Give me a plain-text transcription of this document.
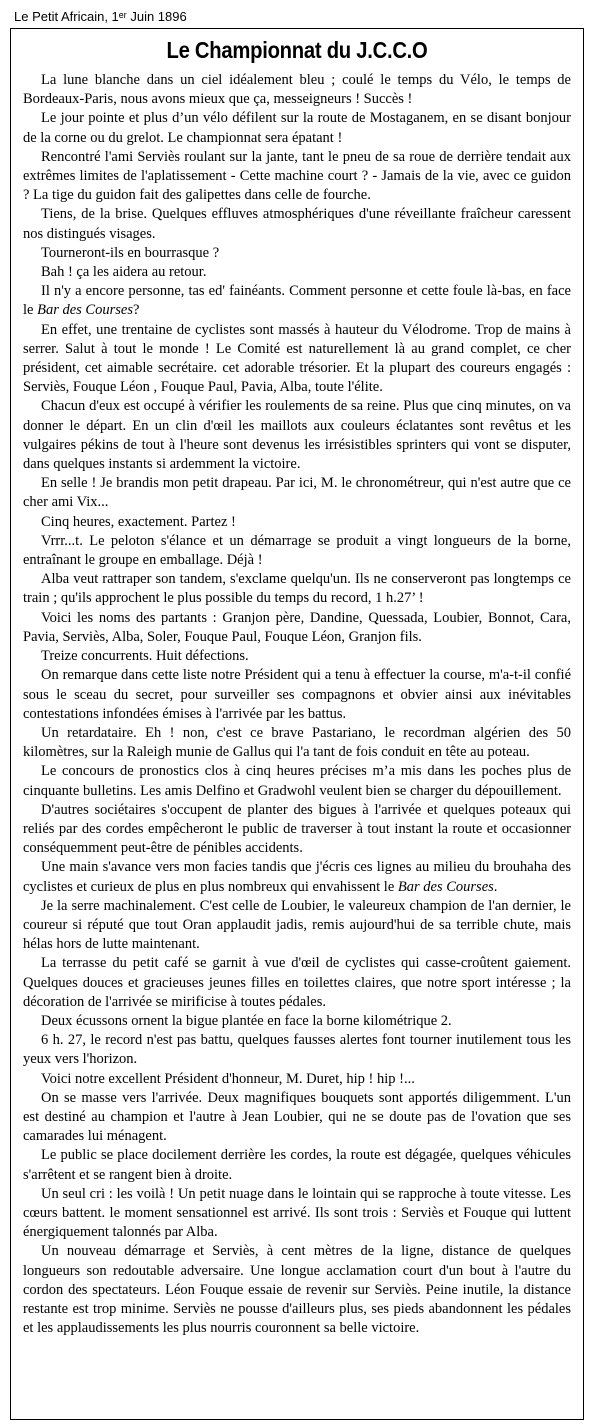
Le Petit Africain, 1ᵉʳ Juin 1896
Le Championnat du J.C.C.O

La lune blanche dans un ciel idéalement bleu ; coulé le temps du Vélo, le temps de Bordeaux-Paris, nous avons mieux que ça, messeigneurs ! Succès !

Le jour pointe et plus d’un vélo défilent sur la route de Mostaganem, en se disant bonjour de la corne ou du grelot. Le championnat sera épatant !

Rencontré l'ami Serviès roulant sur la jante, tant le pneu de sa roue de derrière tendait aux extrêmes limites de l'aplatissement - Cette machine court ? - Jamais de la vie, avec ce guidon ? La tige du guidon fait des galipettes dans celle de fourche.

Tiens, de la brise. Quelques effluves atmosphériques d'une réveillante fraîcheur caressent nos distingués visages.

Tourneront-ils en bourrasque ?

Bah ! ça les aidera au retour.

Il n'y a encore personne, tas ed' fainéants. Comment personne et cette foule là-bas, en face le Bar des Courses?

En effet, une trentaine de cyclistes sont massés à hauteur du Vélodrome. Trop de mains à serrer. Salut à tout le monde ! Le Comité est naturellement là au grand complet, ce cher président, cet aimable secrétaire. cet adorable trésorier. Et la plupart des coureurs engagés : Serviès, Fouque Léon , Fouque Paul, Pavia, Alba, toute l'élite.

Chacun d'eux est occupé à vérifier les roulements de sa reine. Plus que cinq minutes, on va donner le départ. En un clin d'œil les maillots aux couleurs éclatantes sont revêtus et les vulgaires pékins de tout à l'heure sont devenus les irrésistibles sprinters qui vont se disputer, dans quelques instants si ardemment la victoire.

En selle ! Je brandis mon petit drapeau. Par ici, M. le chronométreur, qui n'est autre que ce cher ami Vix...

Cinq heures, exactement. Partez !

Vrrr...t. Le peloton s'élance et un démarrage se produit a vingt longueurs de la borne, entraînant le groupe en emballage. Déjà !

Alba veut rattraper son tandem, s'exclame quelqu'un. Ils ne conserveront pas longtemps ce train ; qu'ils approchent le plus possible du temps du record, 1 h.27’ !

Voici les noms des partants : Granjon père, Dandine, Quessada, Loubier, Bonnot, Cara, Pavia, Serviès, Alba, Soler, Fouque Paul, Fouque Léon, Granjon fils.

Treize concurrents. Huit défections.

On remarque dans cette liste notre Président qui a tenu à effectuer la course, m'a-t-il confié sous le sceau du secret, pour surveiller ses compagnons et obvier ainsi aux inévitables contestations infondées émises à l'arrivée par les battus.

Un retardataire. Eh ! non, c'est ce brave Pastariano, le recordman algérien des 50 kilomètres, sur la Raleigh munie de Gallus qui l'a tant de fois conduit en tête au poteau.

Le concours de pronostics clos à cinq heures précises m’a mis dans les poches plus de cinquante bulletins. Les amis Delfino et Gradwohl veulent bien se charger du dépouillement.

D'autres sociétaires s'occupent de planter des bigues à l'arrivée et quelques poteaux qui reliés par des cordes empêcheront le public de traverser à tout instant la route et occasionner conséquemment peut-être de pénibles accidents.

Une main s'avance vers mon facies tandis que j'écris ces lignes au milieu du brouhaha des cyclistes et curieux de plus en plus nombreux qui envahissent le Bar des Courses.

Je la serre machinalement. C'est celle de Loubier, le valeureux champion de l'an dernier, le coureur si réputé que tout Oran applaudit jadis, remis aujourd'hui de sa terrible chute, mais hélas hors de lutte maintenant.

La terrasse du petit café se garnit à vue d'œil de cyclistes qui casse-croûtent gaiement. Quelques douces et gracieuses jeunes filles en toilettes claires, que notre sport intéresse ; la décoration de l'arrivée se mirificise à toutes pédales.

Deux écussons ornent la bigue plantée en face la borne kilométrique 2.

6 h. 27, le record n'est pas battu, quelques fausses alertes font tourner inutilement tous les yeux vers l'horizon.

Voici notre excellent Président d'honneur, M. Duret, hip ! hip !...

On se masse vers l'arrivée. Deux magnifiques bouquets sont apportés diligemment. L'un est destiné au champion et l'autre à Jean Loubier, qui ne se doute pas de l'ovation que ses camarades lui ménagent.

Le public se place docilement derrière les cordes, la route est dégagée, quelques véhicules s'arrêtent et se rangent bien à droite.

Un seul cri : les voilà ! Un petit nuage dans le lointain qui se rapproche à toute vitesse. Les cœurs battent. le moment sensationnel est arrivé. Ils sont trois : Serviès et Fouque qui luttent énergiquement talonnés par Alba.

Un nouveau démarrage et Serviès, à cent mètres de la ligne, distance de quelques longueurs son redoutable adversaire. Une longue acclamation court d'un bout à l'autre du cordon des spectateurs. Léon Fouque essaie de revenir sur Serviès. Peine inutile, la distance restante est trop minime. Serviès ne pousse d'ailleurs plus, ses pieds abandonnent les pédales et les applaudissements les plus nourris couronnent sa belle victoire.
